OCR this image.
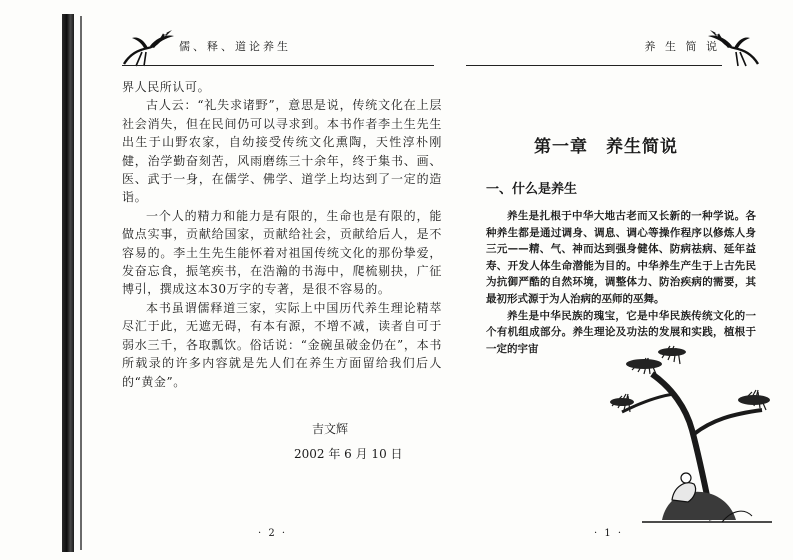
儒、释、道论养生

界人民所认可。

古人云：“礼失求诸野”，意思是说，传统文化在上层社会消失，但在民间仍可以寻求到。本书作者李土生先生出生于山野农家，自幼接受传统文化熏陶，天性淳朴刚健，治学勤奋刻苦，风雨磨练三十余年，终于集书、画、医、武于一身，在儒学、佛学、道学上均达到了一定的造诣。

一个人的精力和能力是有限的，生命也是有限的，能做点实事，贡献给国家，贡献给社会，贡献给后人，是不容易的。李土生先生能怀着对祖国传统文化的那份挚爱，发奋忘食，振笔疾书，在浩瀚的书海中，爬梳剔抉，广征博引，撰成这本30万字的专著，是很不容易的。

本书虽谓儒释道三家，实际上中国历代养生理论精萃尽汇于此，无遮无碍，有本有源，不增不减，读者自可于弱水三千，各取瓢饮。俗话说：“金碗虽破金仍在”，本书所载录的许多内容就是先人们在养生方面留给我们后人的“黄金”。

吉文辉
2002 年 6 月 10 日
· 2 ·
养 生 简 说
第一章　养生简说
一、什么是养生

养生是扎根于中华大地古老而又长新的一种学说。各种养生都是通过调身、调息、调心等操作程序以修炼人身三元——精、气、神而达到强身健体、防病祛病、延年益寿、开发人体生命潜能为目的。中华养生产生于上古先民为抗御严酷的自然环境，调整体力、防治疾病的需要，其最初形式源于为人治病的巫师的巫舞。

养生是中华民族的瑰宝，它是中华民族传统文化的一个有机组成部分。养生理论及功法的发展和实践，植根于一定的宇宙

· 1 ·
